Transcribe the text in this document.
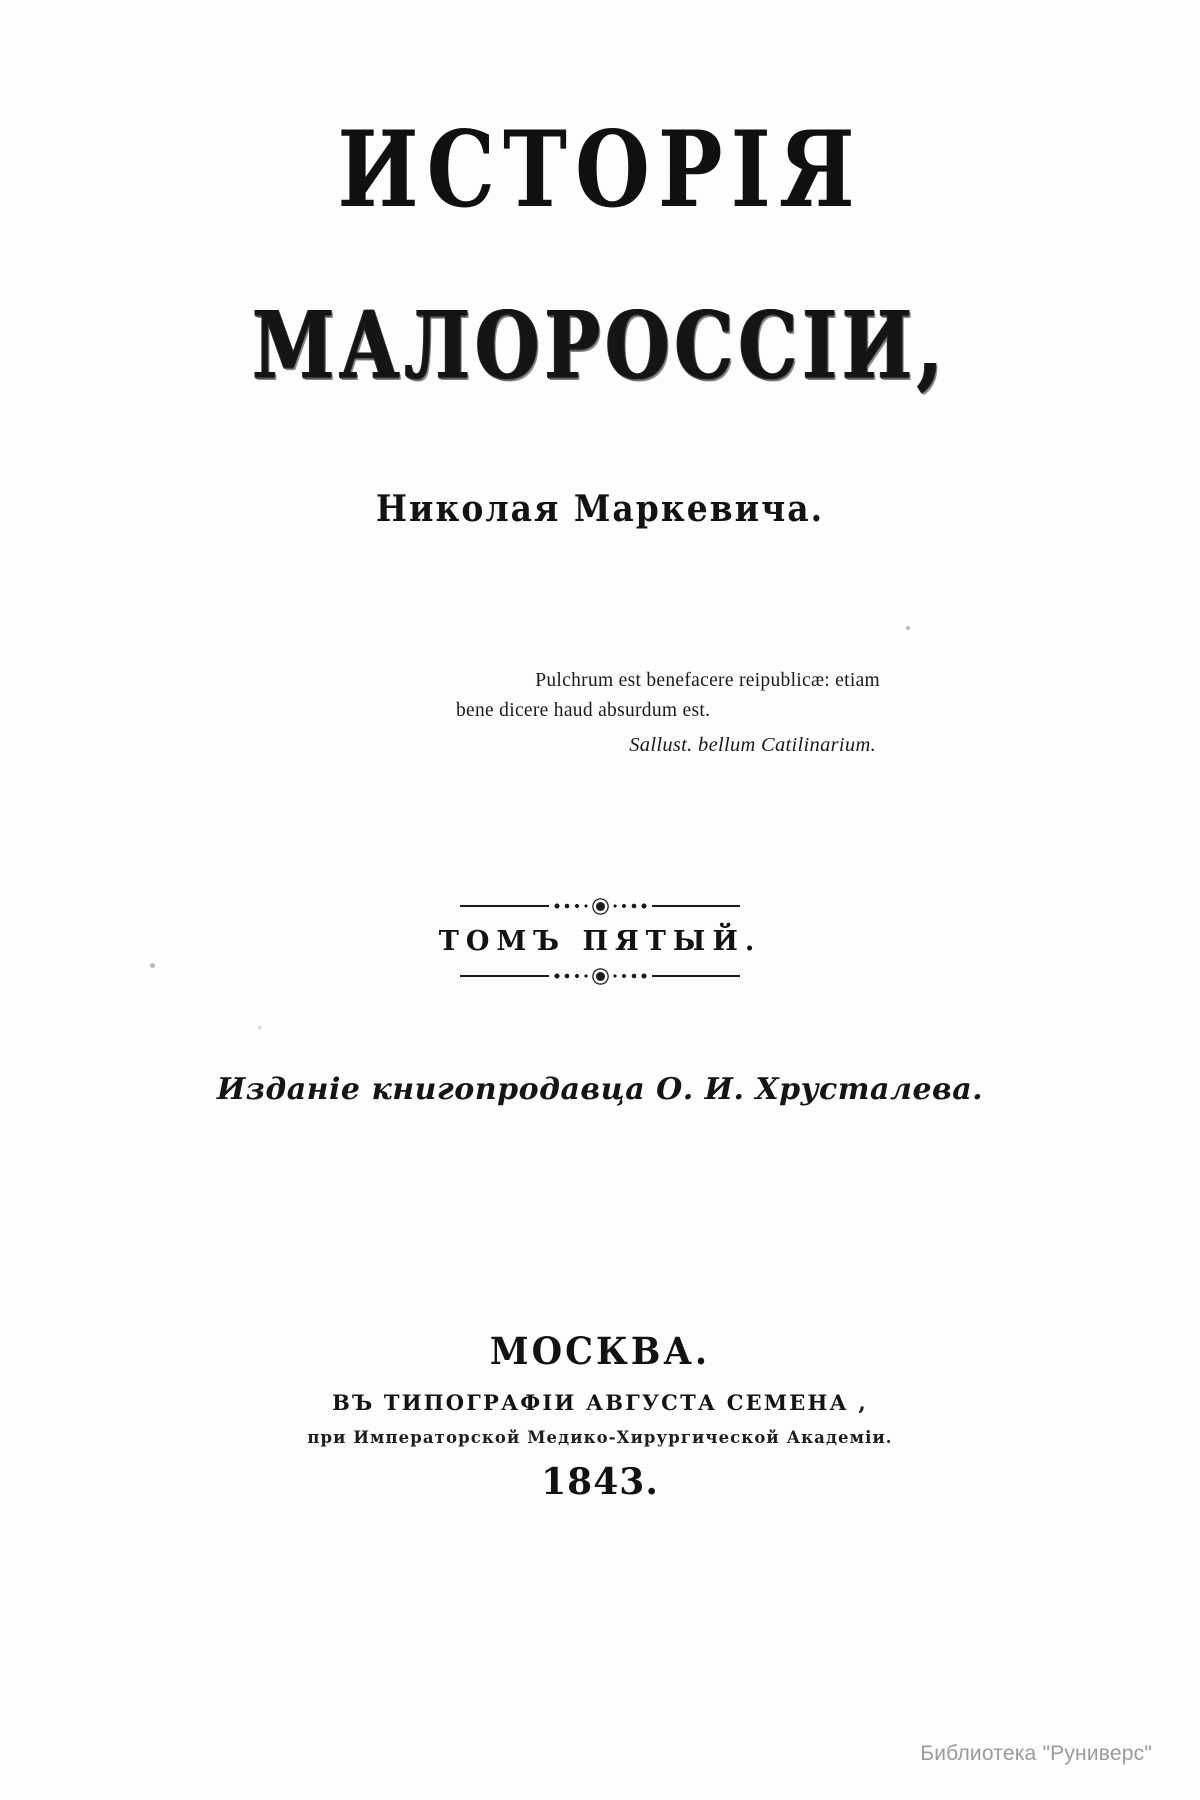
ИСТОРІЯ
МАЛОРОССІИ,
Николая Маркевича.
Pulchrum est benefacere reipublicæ: etiam
bene dicere haud absurdum est.
Sallust. bellum Catilinarium.
ТОМЪ ПЯТЫЙ.
Изданіе книгопродавца О. И. Хрусталева.
МОСКВА.
ВЪ ТИПОГРАФІИ АВГУСТА СЕМЕНА ,
при Императорской Медико-Хирургической Академіи.
1843.
Библиотека "Руниверс"
